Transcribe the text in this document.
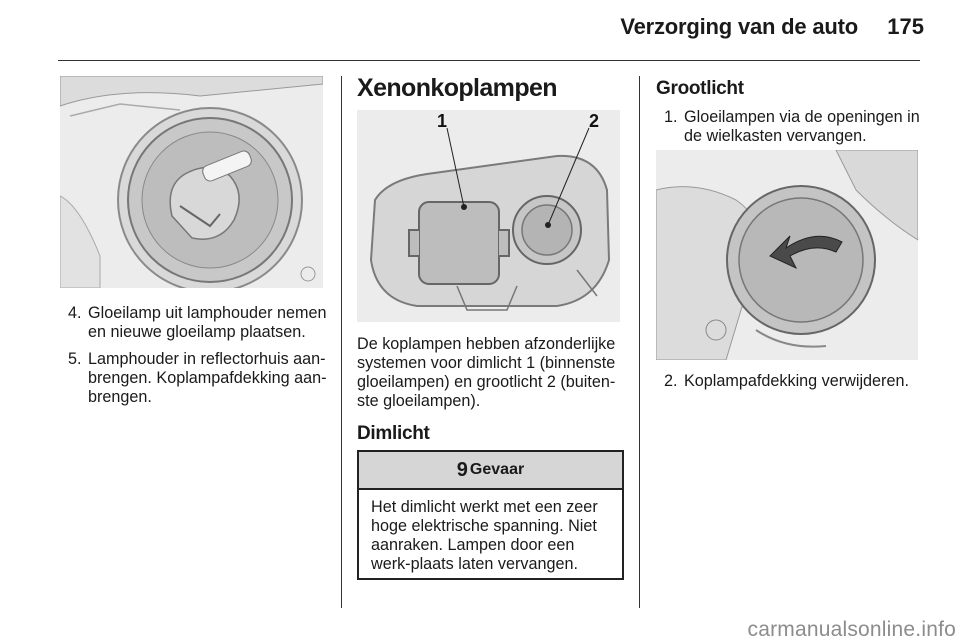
Verzorging van de auto	175
4. Gloeilamp uit lamphouder nemen en nieuwe gloeilamp plaatsen.
5. Lamphouder in reflectorhuis aan-brengen. Koplampafdekking aan-brengen.
Xenonkoplampen
1	2
De koplampen hebben afzonderlijke systemen voor dimlicht 1 (binnenste gloeilampen) en grootlicht 2 (buiten-ste gloeilampen).
Dimlicht
9 Gevaar
Het dimlicht werkt met een zeer hoge elektrische spanning. Niet aanraken. Lampen door een werk-plaats laten vervangen.
Grootlicht
1. Gloeilampen via de openingen in de wielkasten vervangen.
2. Koplampafdekking verwijderen.
carmanualsonline.info
